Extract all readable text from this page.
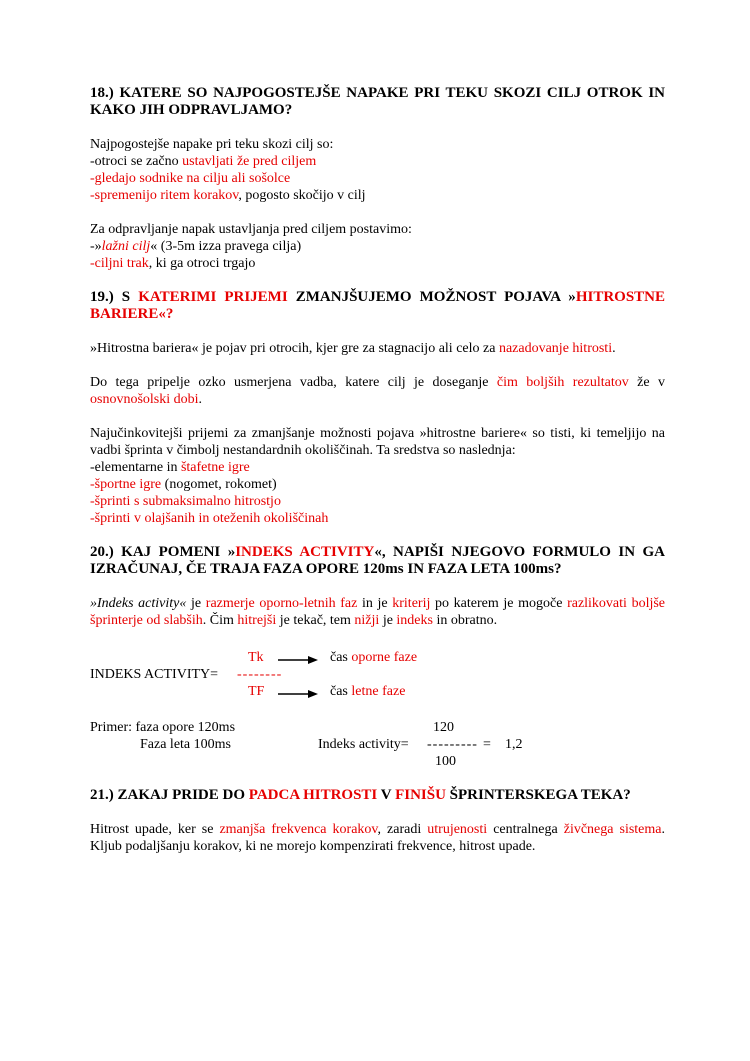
18.) KATERE SO NAJPOGOSTEJŠE NAPAKE PRI TEKU SKOZI CILJ OTROK IN KAKO JIH ODPRAVLJAMO?
Najpogostejše napake pri teku skozi cilj so:
-otroci se začno ustavljati že pred ciljem
-gledajo sodnike na cilju ali sošolce
-spremenijo ritem korakov, pogosto skočijo v cilj
Za odpravljanje napak ustavljanja pred ciljem postavimo:
-»lažni cilj« (3-5m izza pravega cilja)
-ciljni trak, ki ga otroci trgajo
19.) S KATERIMI PRIJEMI ZMANJŠUJEMO MOŽNOST POJAVA »HITROSTNE BARIERE«?
»Hitrostna bariera« je pojav pri otrocih, kjer gre za stagnacijo ali celo za nazadovanje hitrosti.
Do tega pripelje ozko usmerjena vadba, katere cilj je doseganje čim boljših rezultatov že v osnovnošolski dobi.
Najučinkovitejši prijemi za zmanjšanje možnosti pojava »hitrostne bariere« so tisti, ki temeljijo na vadbi šprinta v čimbolj nestandardnih okoliščinah. Ta sredstva so naslednja:
-elementarne in štafetne igre
-športne igre (nogomet, rokomet)
-šprinti s submaksimalno hitrostjo
-šprinti v olajšanih in oteženih okoliščinah
20.) KAJ POMENI »INDEKS ACTIVITY«, NAPIŠI NJEGOVO FORMULO IN GA IZRAČUNAJ, ČE TRAJA FAZA OPORE 120ms IN FAZA LETA 100ms?
»Indeks activity« je razmerje oporno-letnih faz in je kriterij po katerem je mogoče razlikovati boljše šprinterje od slabših. Čim hitrejši je tekač, tem nižji je indeks in obratno.
Tk	čas oporne faze
INDEKS ACTIVITY= --------
TF	čas letne faze
Primer: faza opore 120ms	120
Faza leta 100ms	Indeks activity= --------- = 1,2
100
21.) ZAKAJ PRIDE DO PADCA HITROSTI V FINIŠU ŠPRINTERSKEGA TEKA?
Hitrost upade, ker se zmanjša frekvenca korakov, zaradi utrujenosti centralnega živčnega sistema. Kljub podaljšanju korakov, ki ne morejo kompenzirati frekvence, hitrost upade.
